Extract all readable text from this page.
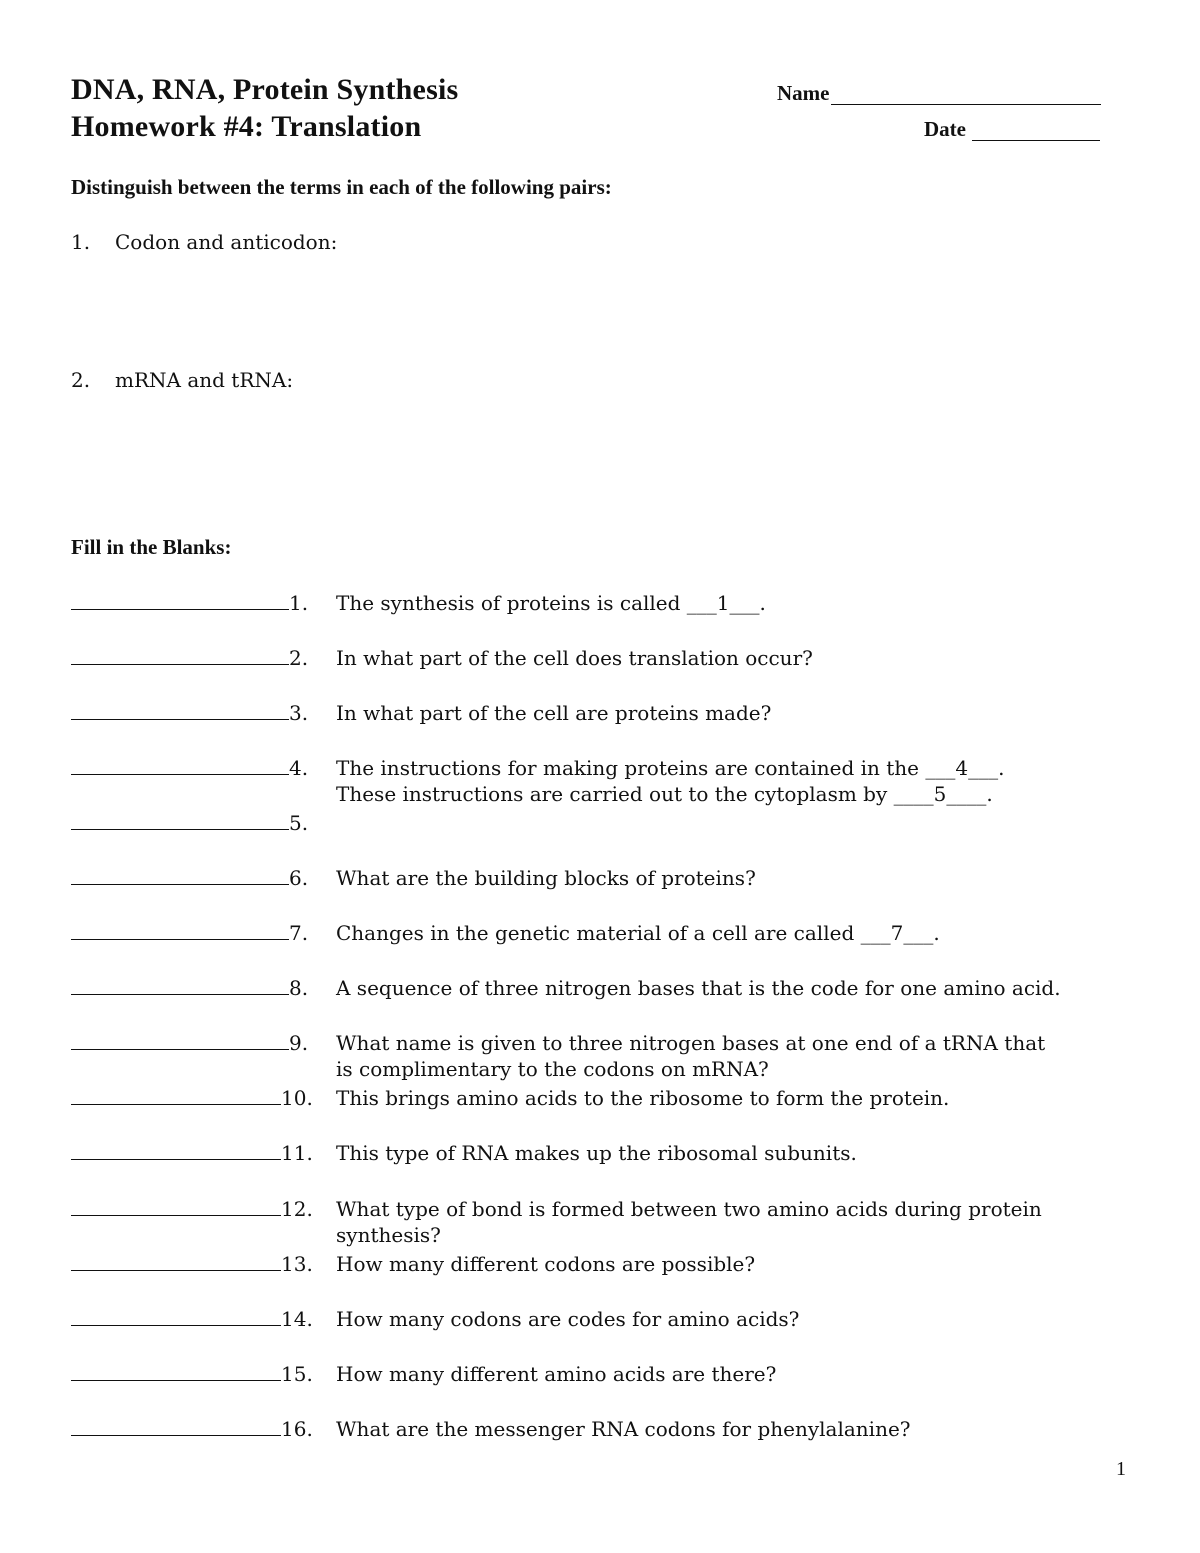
DNA, RNA, Protein Synthesis
Homework #4: Translation
Name
Date
Distinguish between the terms in each of the following pairs:
1.	Codon and anticodon:
2.	mRNA and tRNA:
Fill in the Blanks:
1. The synthesis of proteins is called ___1___.
2. In what part of the cell does translation occur?
3. In what part of the cell are proteins made?
4. The instructions for making proteins are contained in the ___4___. These instructions are carried out to the cytoplasm by ____5____.
5.
6. What are the building blocks of proteins?
7. Changes in the genetic material of a cell are called ___7___.
8. A sequence of three nitrogen bases that is the code for one amino acid.
9. What name is given to three nitrogen bases at one end of a tRNA that is complimentary to the codons on mRNA?
10. This brings amino acids to the ribosome to form the protein.
11. This type of RNA makes up the ribosomal subunits.
12. What type of bond is formed between two amino acids during protein synthesis?
13. How many different codons are possible?
14. How many codons are codes for amino acids?
15. How many different amino acids are there?
16. What are the messenger RNA codons for phenylalanine?
1
